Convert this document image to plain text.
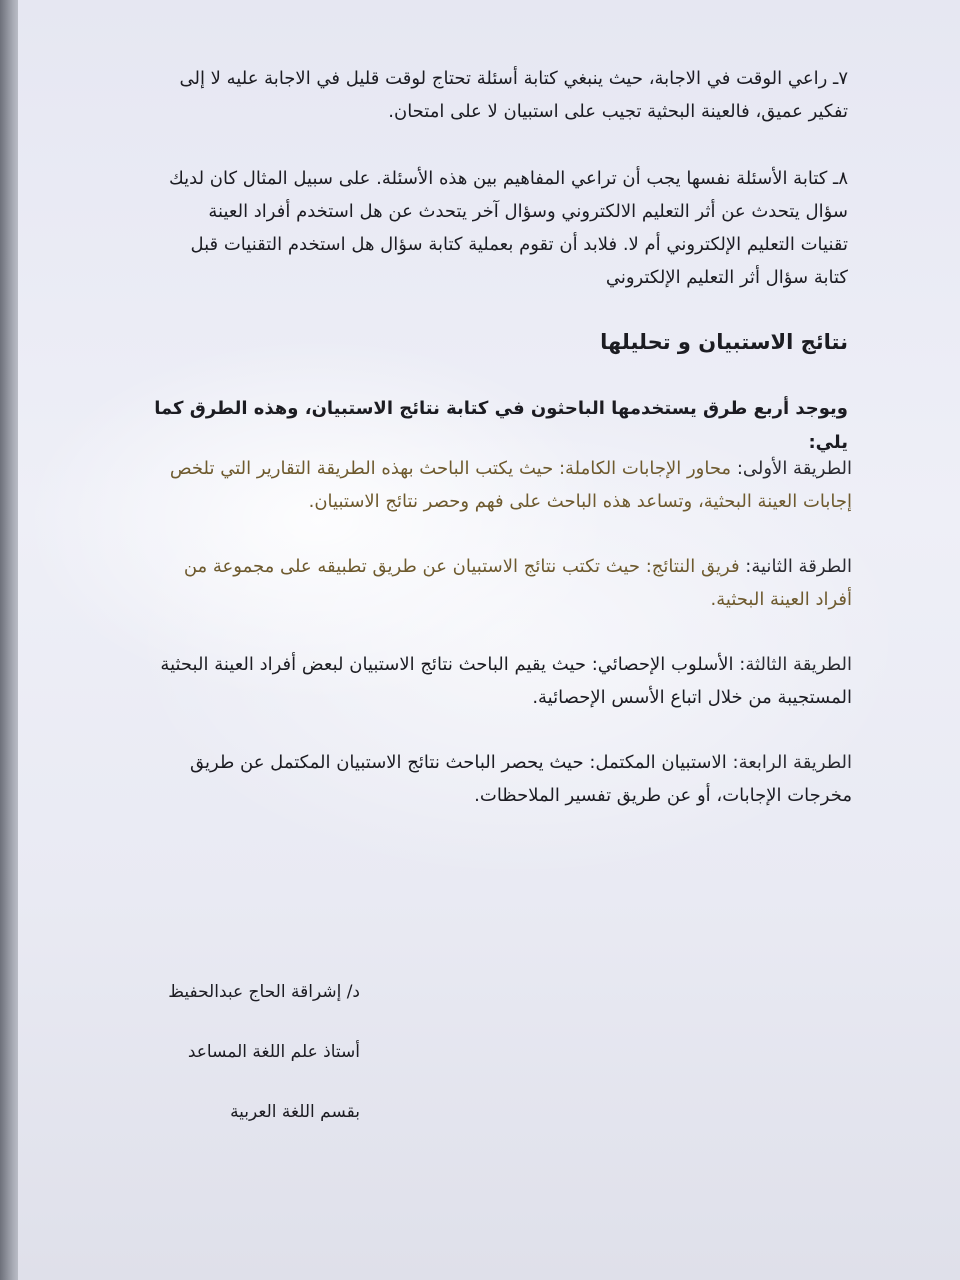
٧ـ راعي الوقت في الاجابة، حيث ينبغي كتابة أسئلة تحتاج لوقت قليل في الاجابة عليه لا إلى تفكير عميق، فالعينة البحثية تجيب على استبيان لا على امتحان.

٨ـ كتابة الأسئلة نفسها يجب أن تراعي المفاهيم بين هذه الأسئلة. على سبيل المثال كان لديك سؤال يتحدث عن أثر التعليم الالكتروني وسؤال آخر يتحدث عن هل استخدم أفراد العينة تقنيات التعليم الإلكتروني أم لا. فلابد أن تقوم بعملية كتابة سؤال هل استخدم التقنيات قبل كتابة سؤال أثر التعليم الإلكتروني

نتائج الاستبيان و تحليلها

ويوجد أربع طرق يستخدمها الباحثون في كتابة نتائج الاستبيان، وهذه الطرق كما يلي:

الطريقة الأولى: محاور الإجابات الكاملة: حيث يكتب الباحث بهذه الطريقة التقارير التي تلخص إجابات العينة البحثية، وتساعد هذه الباحث على فهم وحصر نتائج الاستبيان.

الطرقة الثانية: فريق النتائج: حيث تكتب نتائج الاستبيان عن طريق تطبيقه على مجموعة من أفراد العينة البحثية.

الطريقة الثالثة: الأسلوب الإحصائي: حيث يقيم الباحث نتائج الاستبيان لبعض أفراد العينة البحثية المستجيبة من خلال اتباع الأسس الإحصائية.

الطريقة الرابعة: الاستبيان المكتمل: حيث يحصر الباحث نتائج الاستبيان المكتمل عن طريق مخرجات الإجابات، أو عن طريق تفسير الملاحظات.

د/ إشراقة الحاج عبدالحفيظ
أستاذ علم اللغة المساعد
بقسم اللغة العربية
